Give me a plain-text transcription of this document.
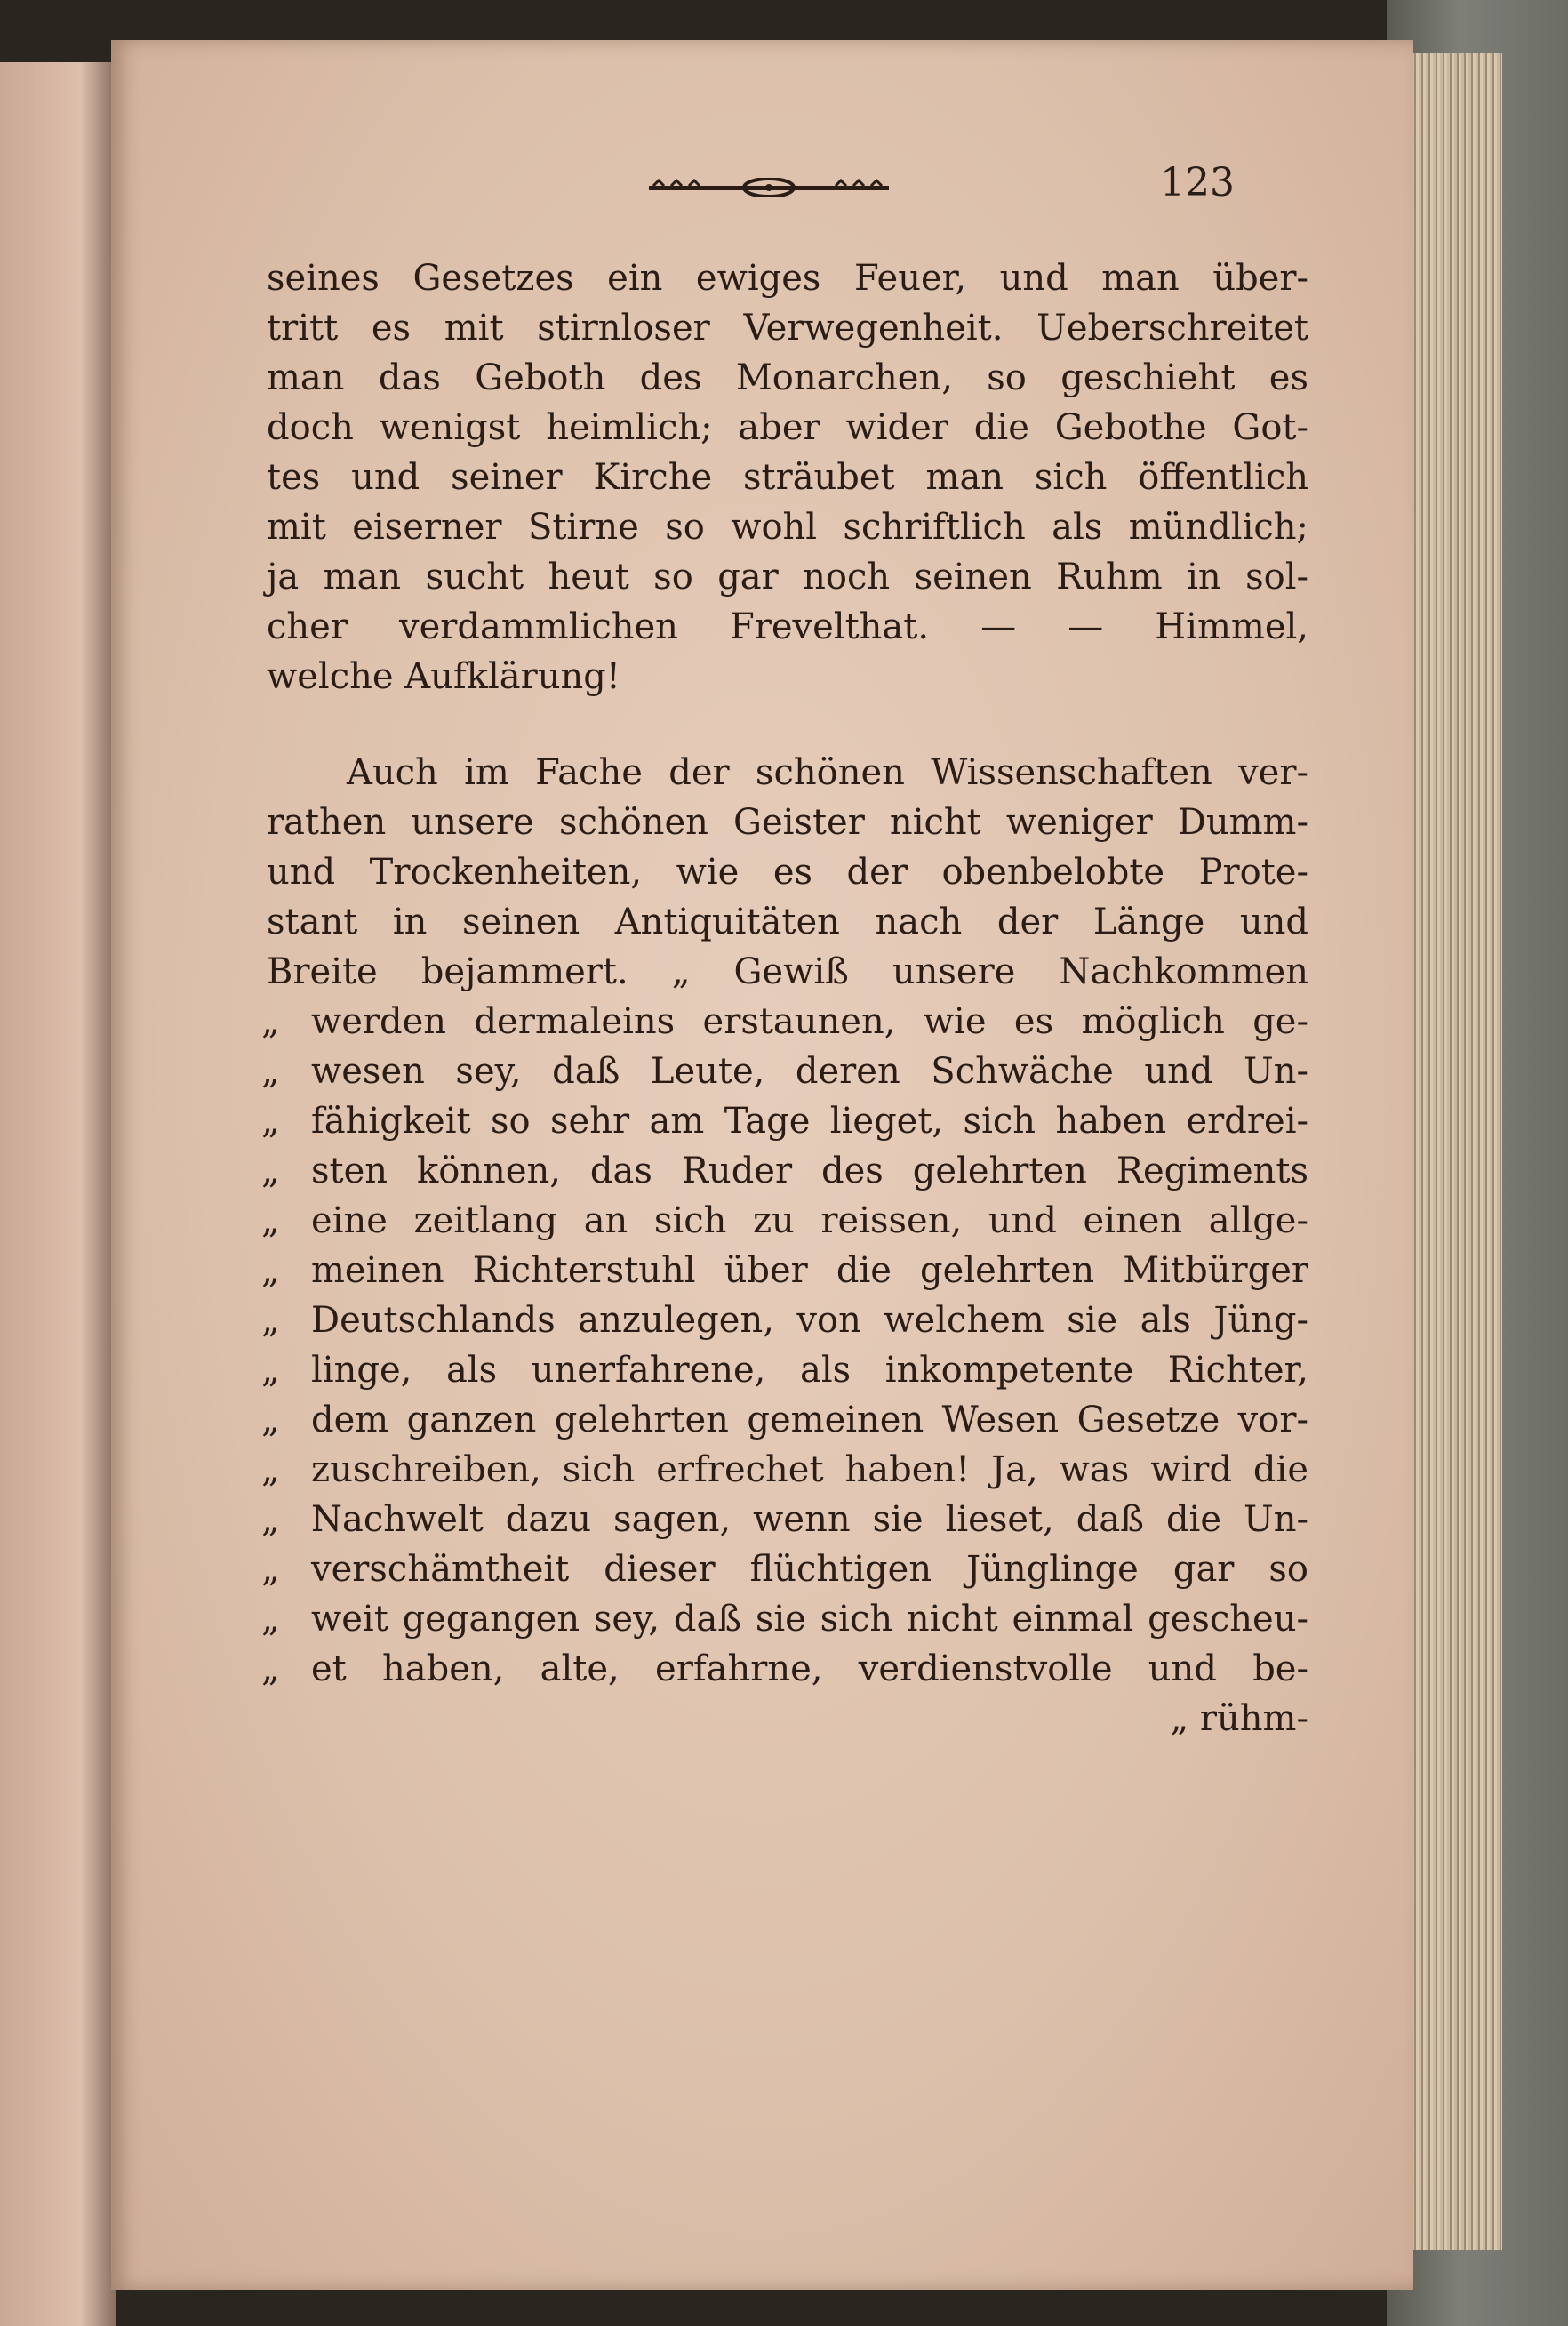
123
seines Gesetzes ein ewiges Feuer, und man über-
tritt es mit stirnloser Verwegenheit. Ueberschreitet
man das Geboth des Monarchen, so geschieht es
doch wenigst heimlich; aber wider die Gebothe Got-
tes und seiner Kirche sträubet man sich öffentlich
mit eiserner Stirne so wohl schriftlich als mündlich;
ja man sucht heut so gar noch seinen Ruhm in sol-
cher verdammlichen Frevelthat. — — Himmel,
welche Aufklärung!
Auch im Fache der schönen Wissenschaften ver-
rathen unsere schönen Geister nicht weniger Dumm-
und Trockenheiten, wie es der obenbelobte Prote-
stant in seinen Antiquitäten nach der Länge und
Breite bejammert. „ Gewiß unsere Nachkommen
„ werden dermaleins erstaunen, wie es möglich ge-
„ wesen sey, daß Leute, deren Schwäche und Un-
„ fähigkeit so sehr am Tage lieget, sich haben erdrei-
„ sten können, das Ruder des gelehrten Regiments
„ eine zeitlang an sich zu reissen, und einen allge-
„ meinen Richterstuhl über die gelehrten Mitbürger
„ Deutschlands anzulegen, von welchem sie als Jüng-
„ linge, als unerfahrene, als inkompetente Richter,
„ dem ganzen gelehrten gemeinen Wesen Gesetze vor-
„ zuschreiben, sich erfrechet haben! Ja, was wird die
„ Nachwelt dazu sagen, wenn sie lieset, daß die Un-
„ verschämtheit dieser flüchtigen Jünglinge gar so
„ weit gegangen sey, daß sie sich nicht einmal gescheu-
„ et haben, alte, erfahrne, verdienstvolle und be-
„ rühm-
